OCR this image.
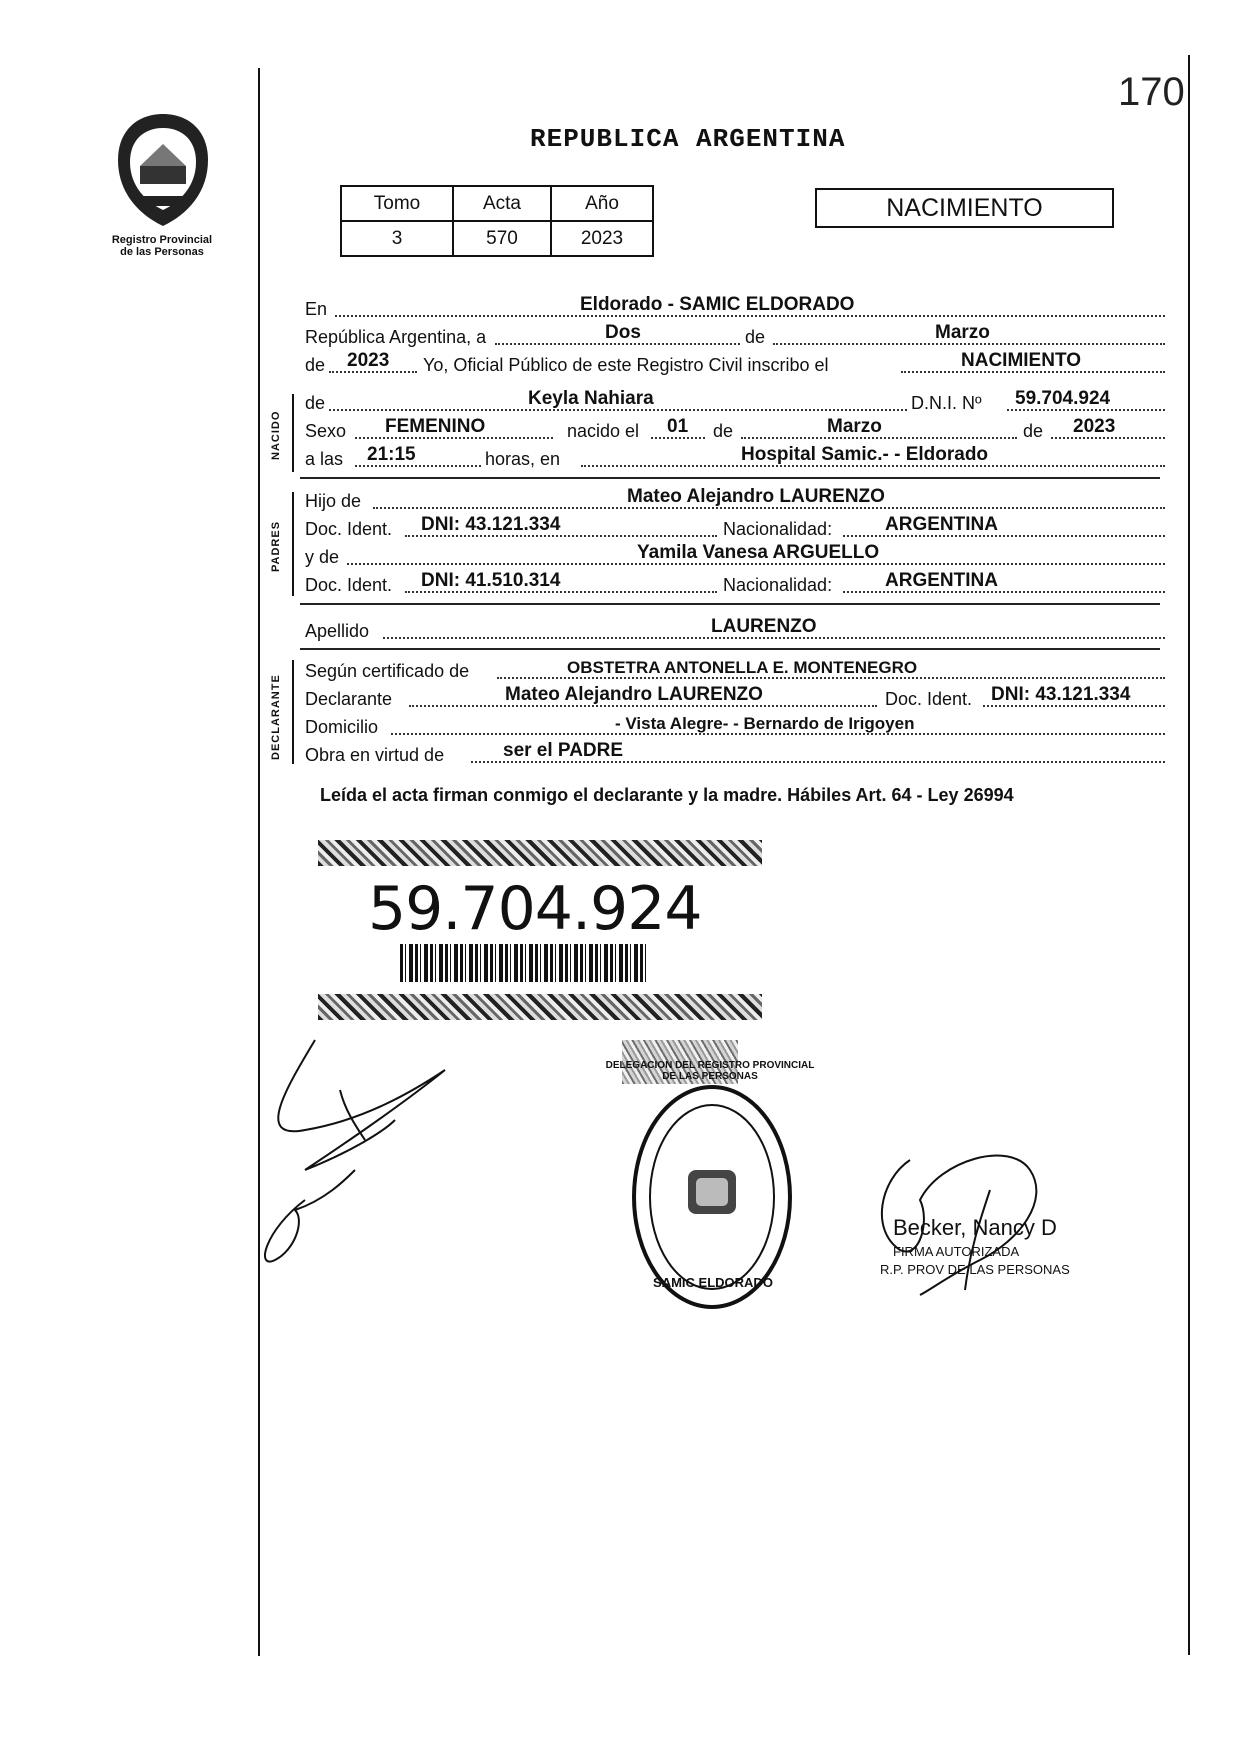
170
Registro Provincial
de las Personas
REPUBLICA ARGENTINA
Tomo	Acta	Año
3	570	2023
NACIMIENTO
En	Eldorado - SAMIC ELDORADO
República Argentina, a	Dos	de	Marzo
de 2023 Yo, Oficial Público de este Registro Civil inscribo el	NACIMIENTO
NACIDO
de	Keyla Nahiara	D.N.I. Nº 59.704.924
Sexo FEMENINO	nacido el 01 de	Marzo	de 2023
a las 21:15	horas, en	Hospital Samic.- - Eldorado
PADRES
Hijo de	Mateo Alejandro LAURENZO
Doc. Ident. DNI: 43.121.334	Nacionalidad:	ARGENTINA
y de	Yamila Vanesa ARGUELLO
Doc. Ident. DNI: 41.510.314	Nacionalidad:	ARGENTINA
Apellido	LAURENZO
DECLARANTE
Según certificado de	OBSTETRA ANTONELLA E. MONTENEGRO
Declarante	Mateo Alejandro LAURENZO	Doc. Ident. DNI: 43.121.334
Domicilio	- Vista Alegre- - Bernardo de Irigoyen
Obra en virtud de	ser el PADRE
Leída el acta firman conmigo el declarante y la madre. Hábiles Art. 64 - Ley 26994
59.704.924
SAMIC ELDORADO
DELEGACION DEL REGISTRO PROVINCIAL DE LAS PERSONAS
Becker, Nancy D
FIRMA AUTORIZADA
R.P. PROV DE LAS PERSONAS
